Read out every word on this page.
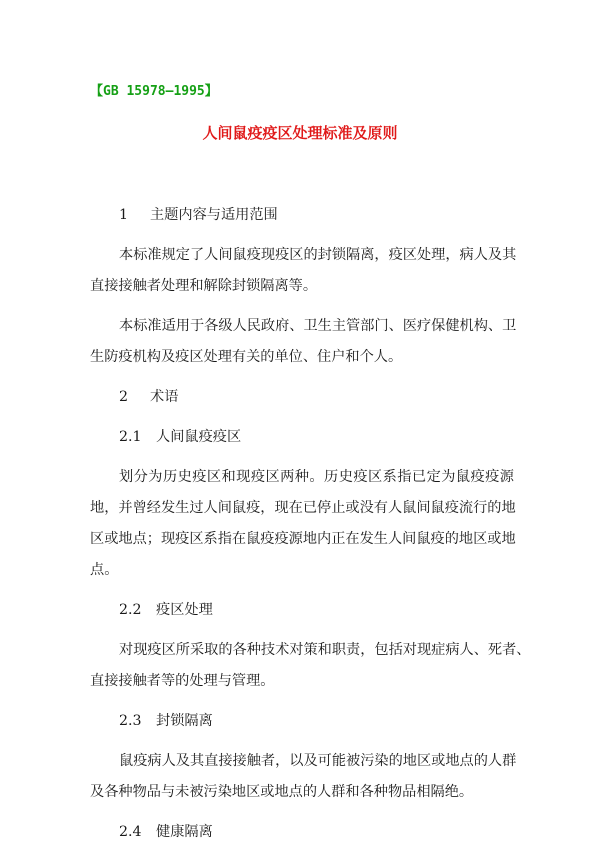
【GB 15978—1995】
人间鼠疫疫区处理标准及原则
1 主题内容与适用范围
本标准规定了人间鼠疫现疫区的封锁隔离，疫区处理，病人及其
直接接触者处理和解除封锁隔离等。
本标准适用于各级人民政府、卫生主管部门、医疗保健机构、卫
生防疫机构及疫区处理有关的单位、住户和个人。
2 术语
2.1 人间鼠疫疫区
划分为历史疫区和现疫区两种。历史疫区系指已定为鼠疫疫源
地，并曾经发生过人间鼠疫，现在已停止或没有人鼠间鼠疫流行的地
区或地点；现疫区系指在鼠疫疫源地内正在发生人间鼠疫的地区或地
点。
2.2 疫区处理
对现疫区所采取的各种技术对策和职责，包括对现症病人、死者、
直接接触者等的处理与管理。
2.3 封锁隔离
鼠疫病人及其直接接触者，以及可能被污染的地区或地点的人群
及各种物品与未被污染地区或地点的人群和各种物品相隔绝。
2.4 健康隔离
